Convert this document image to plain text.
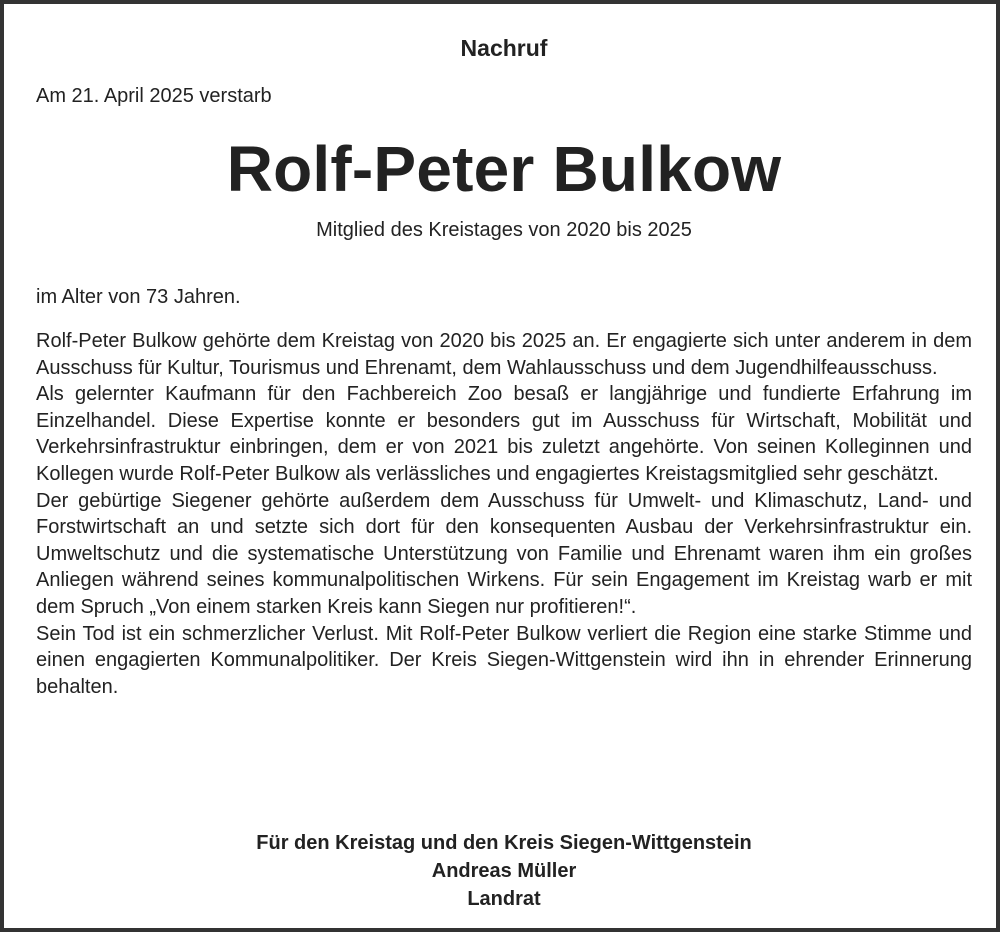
Nachruf
Am 21. April 2025 verstarb
Rolf-Peter Bulkow
Mitglied des Kreistages von 2020 bis 2025
im Alter von 73 Jahren.

Rolf-Peter Bulkow gehörte dem Kreistag von 2020 bis 2025 an. Er engagierte sich unter anderem in dem Ausschuss für Kultur, Tourismus und Ehrenamt, dem Wahlausschuss und dem Jugendhilfeausschuss.

Als gelernter Kaufmann für den Fachbereich Zoo besaß er langjährige und fundierte Erfahrung im Einzelhandel. Diese Expertise konnte er besonders gut im Ausschuss für Wirtschaft, Mobilität und Verkehrsinfrastruktur einbringen, dem er von 2021 bis zuletzt angehörte. Von seinen Kolleginnen und Kollegen wurde Rolf-Peter Bulkow als verlässliches und engagiertes Kreistagsmitglied sehr geschätzt.

Der gebürtige Siegener gehörte außerdem dem Ausschuss für Umwelt- und Klimaschutz, Land- und Forstwirtschaft an und setzte sich dort für den konsequenten Ausbau der Verkehrsinfrastruktur ein. Umweltschutz und die systematische Unterstützung von Familie und Ehrenamt waren ihm ein großes Anliegen während seines kommunalpolitischen Wirkens. Für sein Engagement im Kreistag warb er mit dem Spruch „Von einem starken Kreis kann Siegen nur profitieren!“.

Sein Tod ist ein schmerzlicher Verlust. Mit Rolf-Peter Bulkow verliert die Region eine starke Stimme und einen engagierten Kommunalpolitiker. Der Kreis Siegen-Wittgenstein wird ihn in ehrender Erinnerung behalten.

Für den Kreistag und den Kreis Siegen-Wittgenstein
Andreas Müller
Landrat
